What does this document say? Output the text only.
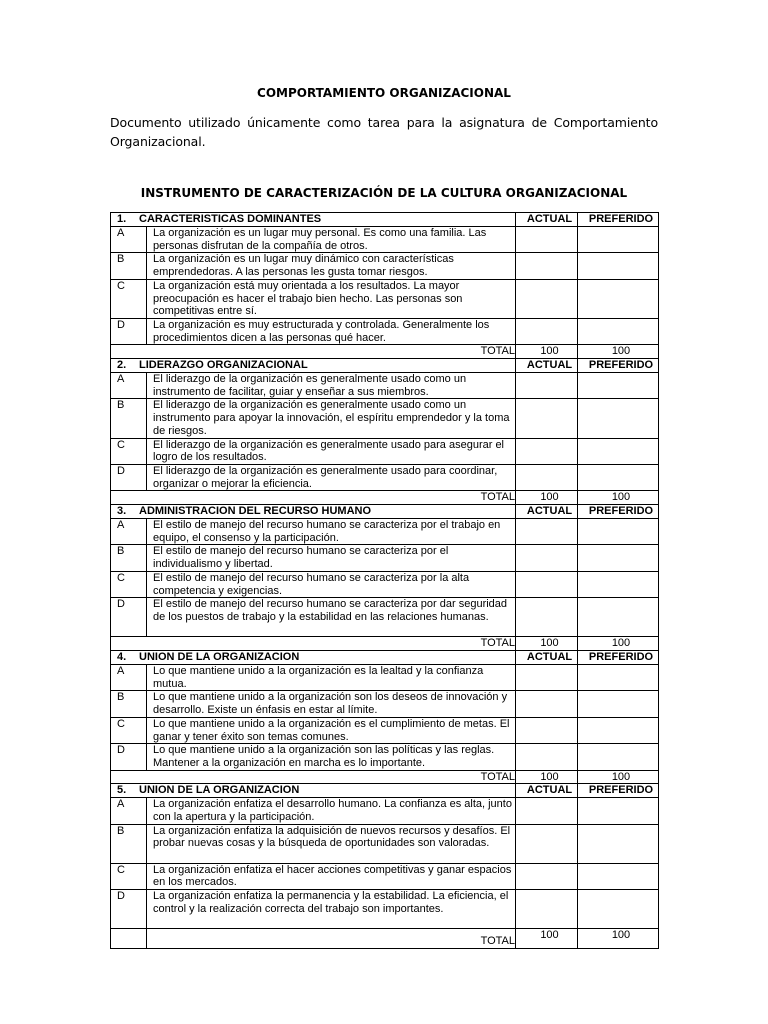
COMPORTAMIENTO ORGANIZACIONAL
Documento utilizado únicamente como tarea para la asignatura de Comportamiento Organizacional.
INSTRUMENTO DE CARACTERIZACIÓN DE LA CULTURA ORGANIZACIONAL
1. CARACTERISTICAS DOMINANTES		ACTUAL	PREFERIDO
A	La organización es un lugar muy personal. Es como una familia. Las personas disfrutan de la compañía de otros.		
B	La organización es un lugar muy dinámico con características emprendedoras. A las personas les gusta tomar riesgos.		
C	La organización está muy orientada a los resultados. La mayor preocupación es hacer el trabajo bien hecho. Las personas son competitivas entre sí.		
D	La organización es muy estructurada y controlada. Generalmente los procedimientos dicen a las personas qué hacer.		
TOTAL		100	100
2. LIDERAZGO ORGANIZACIONAL		ACTUAL	PREFERIDO
A	El liderazgo de la organización es generalmente usado como un instrumento de facilitar, guiar y enseñar a sus miembros.		
B	El liderazgo de la organización es generalmente usado como un instrumento para apoyar la innovación, el espíritu emprendedor y la toma de riesgos.		
C	El liderazgo de la organización es generalmente usado para asegurar el logro de los resultados.		
D	El liderazgo de la organización es generalmente usado para coordinar, organizar o mejorar la eficiencia.		
TOTAL		100	100
3. ADMINISTRACION DEL RECURSO HUMANO		ACTUAL	PREFERIDO
A	El estilo de manejo del recurso humano se caracteriza por el trabajo en equipo, el consenso y la participación.		
B	El estilo de manejo del recurso humano se caracteriza por el individualismo y libertad.		
C	El estilo de manejo del recurso humano se caracteriza por la alta competencia y exigencias.		
D	El estilo de manejo del recurso humano se caracteriza por dar seguridad de los puestos de trabajo y la estabilidad en las relaciones humanas.		
TOTAL		100	100
4. UNION DE LA ORGANIZACION		ACTUAL	PREFERIDO
A	Lo que mantiene unido a la organización es la lealtad y la confianza mutua.		
B	Lo que mantiene unido a la organización son los deseos de innovación y desarrollo. Existe un énfasis en estar al límite.		
C	Lo que mantiene unido a la organización es el cumplimiento de metas. El ganar y tener éxito son temas comunes.		
D	Lo que mantiene unido a la organización son las políticas y las reglas. Mantener a la organización en marcha es lo importante.		
TOTAL		100	100
5. UNION DE LA ORGANIZACION		ACTUAL	PREFERIDO
A	La organización enfatiza el desarrollo humano. La confianza es alta, junto con la apertura y la participación.		
B	La organización enfatiza la adquisición de nuevos recursos y desafíos. El probar nuevas cosas y la búsqueda de oportunidades son valoradas.		
C	La organización enfatiza el hacer acciones competitivas y ganar espacios en los mercados.		
D	La organización enfatiza la permanencia y la estabilidad. La eficiencia, el control y la realización correcta del trabajo son importantes.		
	TOTAL	100	100
